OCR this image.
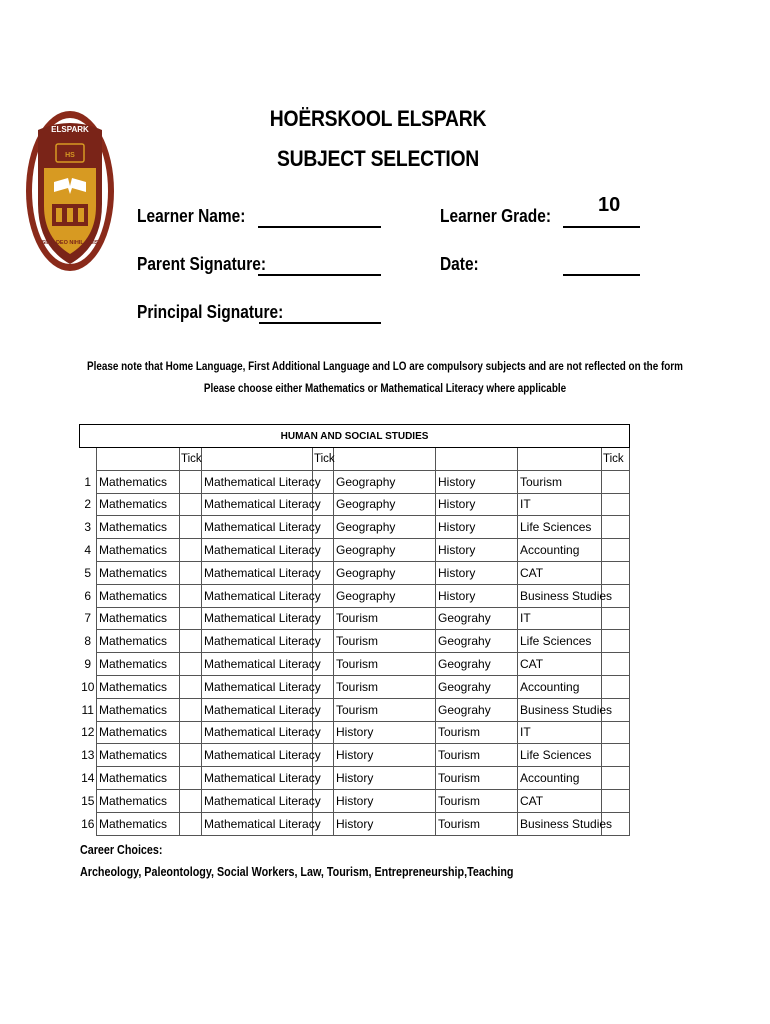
ELSPARK
HS
SINE DEO NIHIL AGIS
HOËRSKOOL ELSPARK
SUBJECT SELECTION
Learner Name:	Learner Grade: 10
Parent Signature:	Date:
Principal Signature:
Please note that Home Language, First Additional Language and LO are compulsory subjects and are not reflected on the form
Please choose either Mathematics or Mathematical Literacy where applicable
HUMAN AND SOCIAL STUDIES								
		Tick		Tick				Tick
1	Mathematics		Mathematical Literacy		Geography	History	Tourism	
2	Mathematics		Mathematical Literacy		Geography	History	IT	
3	Mathematics		Mathematical Literacy		Geography	History	Life Sciences	
4	Mathematics		Mathematical Literacy		Geography	History	Accounting	
5	Mathematics		Mathematical Literacy		Geography	History	CAT	
6	Mathematics		Mathematical Literacy		Geography	History	Business Studies	
7	Mathematics		Mathematical Literacy		Tourism	Geograhy	IT	
8	Mathematics		Mathematical Literacy		Tourism	Geograhy	Life Sciences	
9	Mathematics		Mathematical Literacy		Tourism	Geograhy	CAT	
10	Mathematics		Mathematical Literacy		Tourism	Geograhy	Accounting	
11	Mathematics		Mathematical Literacy		Tourism	Geograhy	Business Studies	
12	Mathematics		Mathematical Literacy		History	Tourism	IT	
13	Mathematics		Mathematical Literacy		History	Tourism	Life Sciences	
14	Mathematics		Mathematical Literacy		History	Tourism	Accounting	
15	Mathematics		Mathematical Literacy		History	Tourism	CAT	
16	Mathematics		Mathematical Literacy		History	Tourism	Business Studies	
Career Choices:
Archeology, Paleontology, Social Workers, Law, Tourism, Entrepreneurship,Teaching
